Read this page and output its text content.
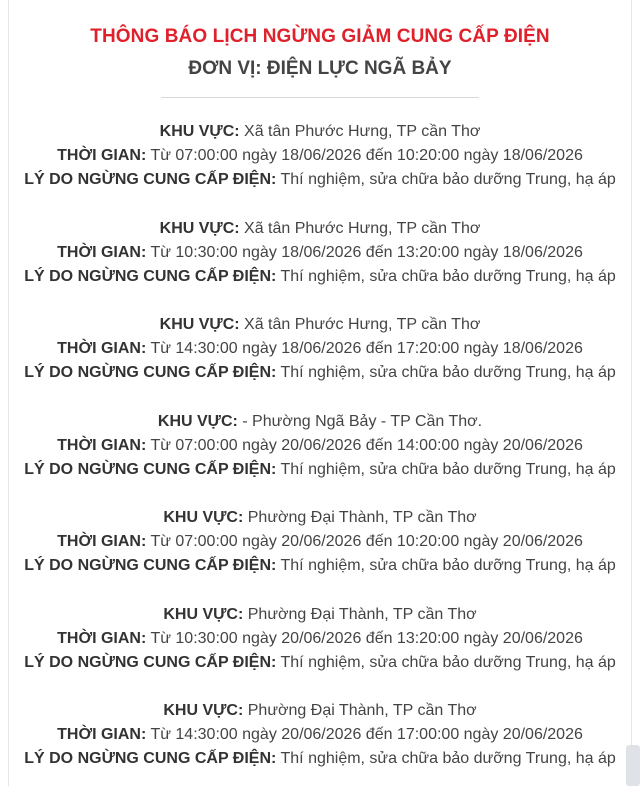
THÔNG BÁO LỊCH NGỪNG GIẢM CUNG CẤP ĐIỆN
ĐƠN VỊ: ĐIỆN LỰC NGÃ BẢY
KHU VỰC: Xã tân Phước Hưng, TP cần Thơ
THỜI GIAN: Từ 07:00:00 ngày 18/06/2026 đến 10:20:00 ngày 18/06/2026
LÝ DO NGỪNG CUNG CẤP ĐIỆN: Thí nghiệm, sửa chữa bảo dưỡng Trung, hạ áp
KHU VỰC: Xã tân Phước Hưng, TP cần Thơ
THỜI GIAN: Từ 10:30:00 ngày 18/06/2026 đến 13:20:00 ngày 18/06/2026
LÝ DO NGỪNG CUNG CẤP ĐIỆN: Thí nghiệm, sửa chữa bảo dưỡng Trung, hạ áp
KHU VỰC: Xã tân Phước Hưng, TP cần Thơ
THỜI GIAN: Từ 14:30:00 ngày 18/06/2026 đến 17:20:00 ngày 18/06/2026
LÝ DO NGỪNG CUNG CẤP ĐIỆN: Thí nghiệm, sửa chữa bảo dưỡng Trung, hạ áp
KHU VỰC: - Phường Ngã Bảy - TP Cần Thơ.
THỜI GIAN: Từ 07:00:00 ngày 20/06/2026 đến 14:00:00 ngày 20/06/2026
LÝ DO NGỪNG CUNG CẤP ĐIỆN: Thí nghiệm, sửa chữa bảo dưỡng Trung, hạ áp
KHU VỰC: Phường Đại Thành, TP cần Thơ
THỜI GIAN: Từ 07:00:00 ngày 20/06/2026 đến 10:20:00 ngày 20/06/2026
LÝ DO NGỪNG CUNG CẤP ĐIỆN: Thí nghiệm, sửa chữa bảo dưỡng Trung, hạ áp
KHU VỰC: Phường Đại Thành, TP cần Thơ
THỜI GIAN: Từ 10:30:00 ngày 20/06/2026 đến 13:20:00 ngày 20/06/2026
LÝ DO NGỪNG CUNG CẤP ĐIỆN: Thí nghiệm, sửa chữa bảo dưỡng Trung, hạ áp
KHU VỰC: Phường Đại Thành, TP cần Thơ
THỜI GIAN: Từ 14:30:00 ngày 20/06/2026 đến 17:00:00 ngày 20/06/2026
LÝ DO NGỪNG CUNG CẤP ĐIỆN: Thí nghiệm, sửa chữa bảo dưỡng Trung, hạ áp
